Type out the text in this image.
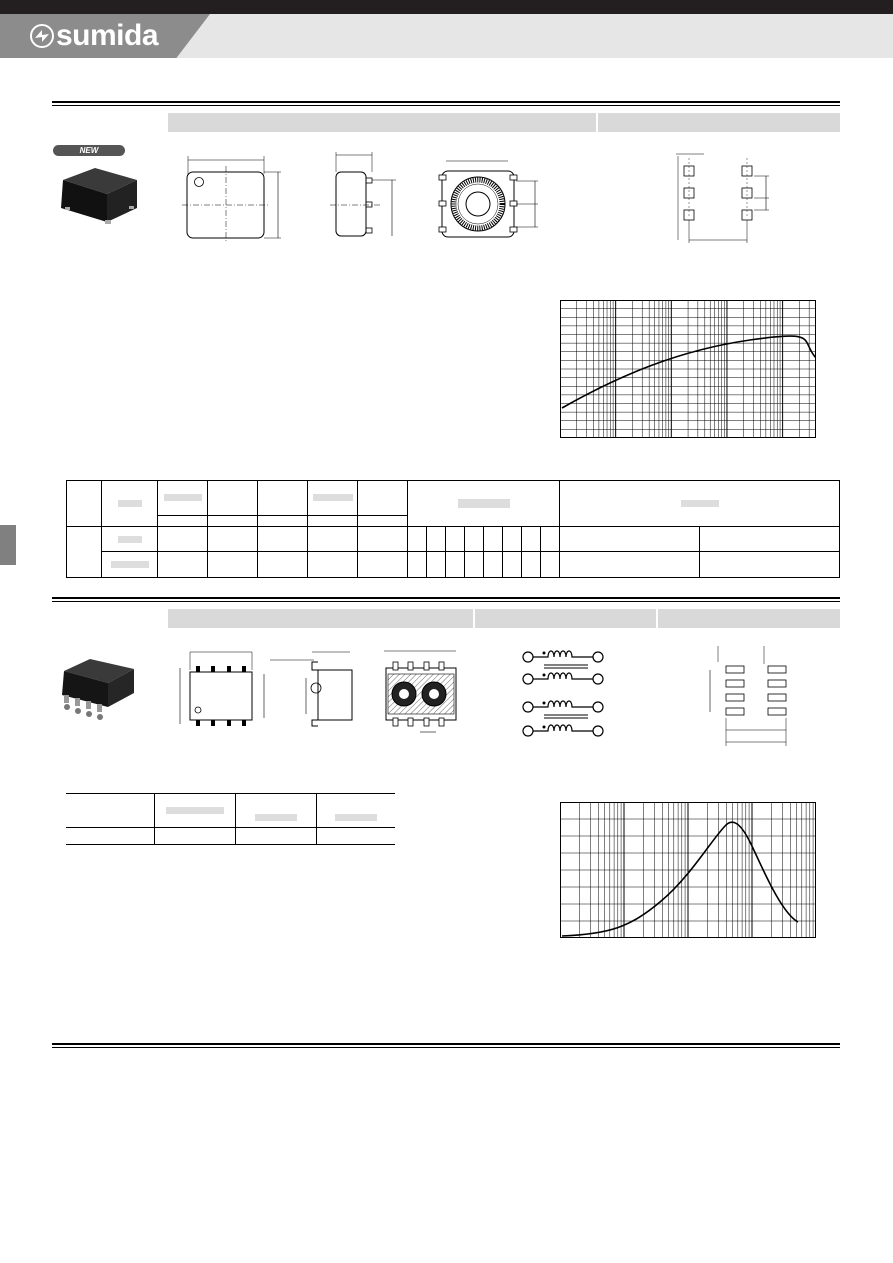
sumida
NEW
